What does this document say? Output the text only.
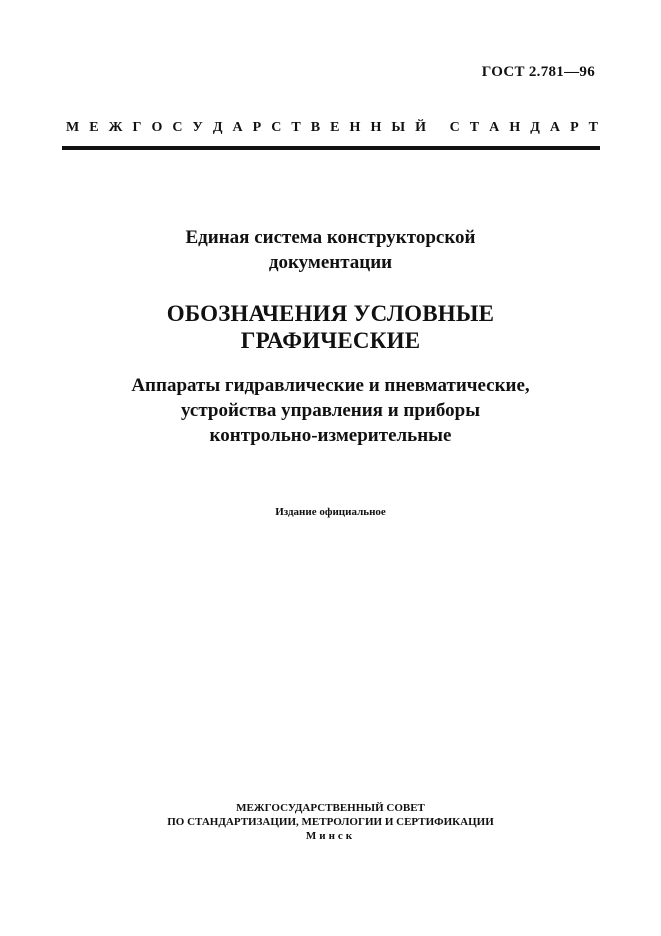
ГОСТ 2.781—96
М Е Ж Г О С У Д А Р С Т В Е Н Н Ы Й
С Т А Н Д А Р Т
Единая система конструкторской
документации
ОБОЗНАЧЕНИЯ УСЛОВНЫЕ
ГРАФИЧЕСКИЕ
Аппараты гидравлические и пневматические,
устройства управления и приборы
контрольно-измерительные
Издание официальное
МЕЖГОСУДАРСТВЕННЫЙ СОВЕТ
ПО СТАНДАРТИЗАЦИИ, МЕТРОЛОГИИ И СЕРТИФИКАЦИИ
Минск
